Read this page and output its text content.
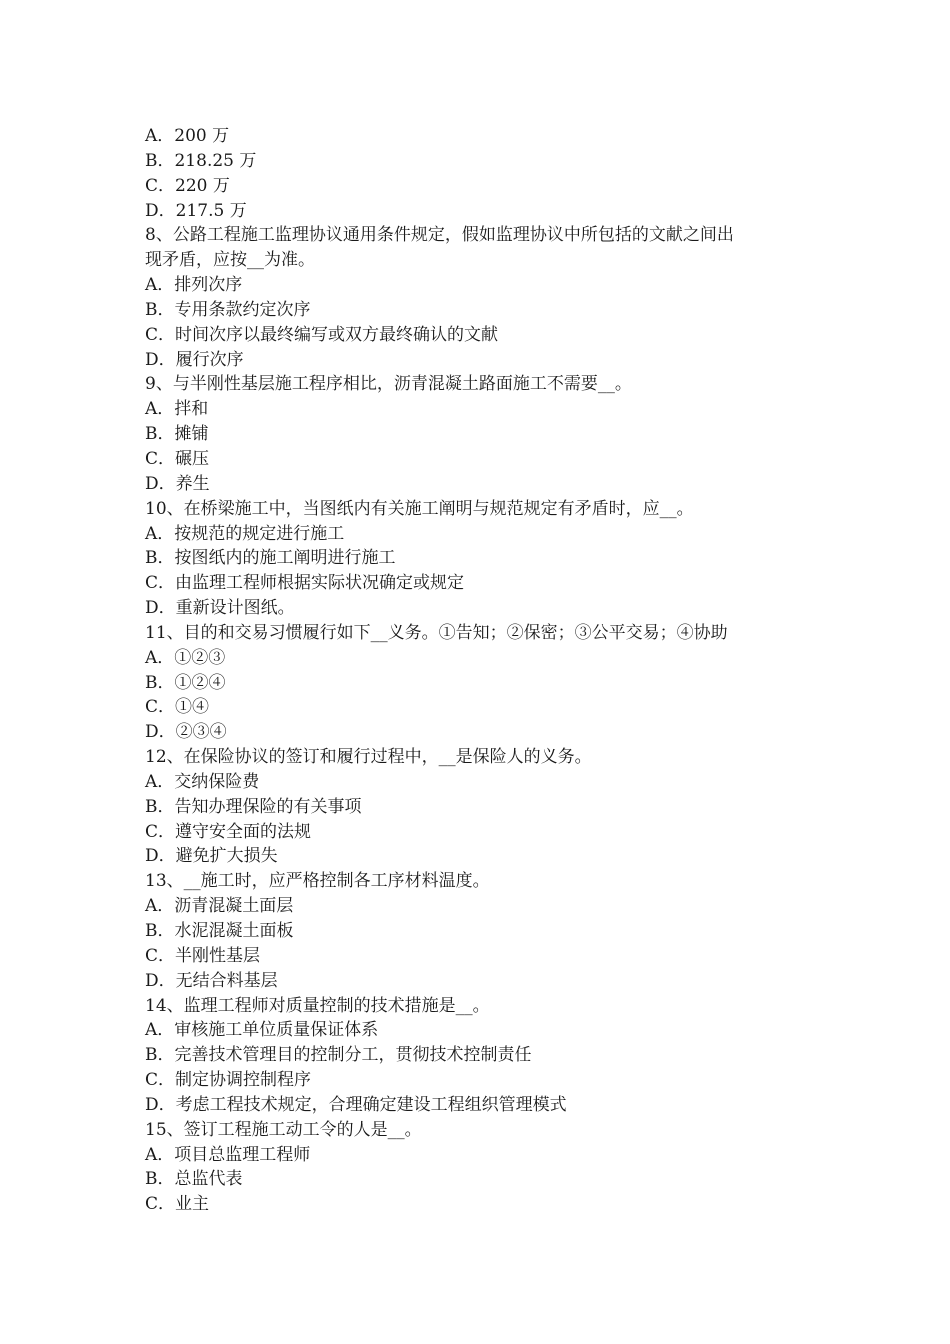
A．200 万
B．218.25 万
C．220 万
D．217.5 万
8、公路工程施工监理协议通用条件规定，假如监理协议中所包括的文献之间出
现矛盾，应按__为准。
A．排列次序
B．专用条款约定次序
C．时间次序以最终编写或双方最终确认的文献
D．履行次序
9、与半刚性基层施工程序相比，沥青混凝土路面施工不需要__。
A．拌和
B．摊铺
C．碾压
D．养生
10、在桥梁施工中，当图纸内有关施工阐明与规范规定有矛盾时，应__。
A．按规范的规定进行施工
B．按图纸内的施工阐明进行施工
C．由监理工程师根据实际状况确定或规定
D．重新设计图纸。
11、目的和交易习惯履行如下__义务。①告知；②保密；③公平交易；④协助
A．①②③
B．①②④
C．①④
D．②③④
12、在保险协议的签订和履行过程中，__是保险人的义务。
A．交纳保险费
B．告知办理保险的有关事项
C．遵守安全面的法规
D．避免扩大损失
13、__施工时，应严格控制各工序材料温度。
A．沥青混凝土面层
B．水泥混凝土面板
C．半刚性基层
D．无结合料基层
14、监理工程师对质量控制的技术措施是__。
A．审核施工单位质量保证体系
B．完善技术管理目的控制分工，贯彻技术控制责任
C．制定协调控制程序
D．考虑工程技术规定，合理确定建设工程组织管理模式
15、签订工程施工动工令的人是__。
A．项目总监理工程师
B．总监代表
C．业主
